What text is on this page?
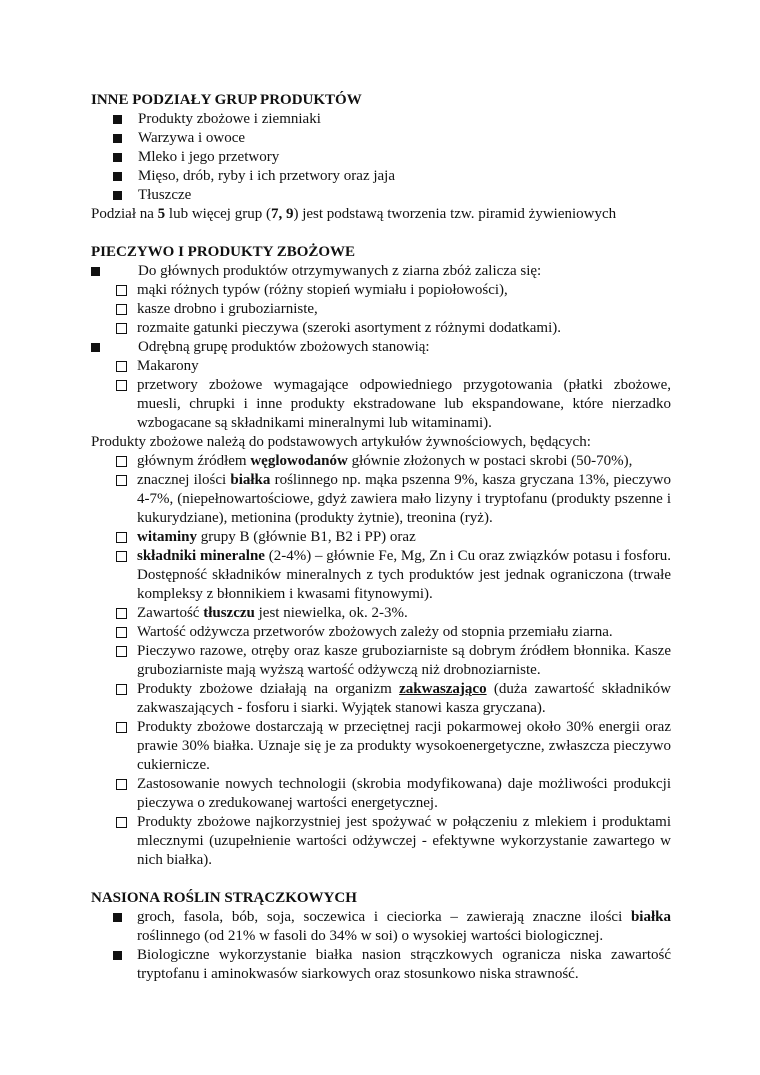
INNE PODZIAŁY GRUP PRODUKTÓW

Produkty zbożowe i ziemniaki
Warzywa i owoce
Mleko i jego przetwory
Mięso, drób, ryby i ich przetwory oraz jaja
Tłuszcze

Podział na 5 lub więcej grup (7, 9) jest podstawą tworzenia tzw. piramid żywieniowych

PIECZYWO I PRODUKTY ZBOŻOWE

Do głównych produktów otrzymywanych z ziarna zbóż zalicza się:
mąki różnych typów (różny stopień wymiału i popiołowości),
kasze drobno i gruboziarniste,
rozmaite gatunki pieczywa (szeroki asortyment z różnymi dodatkami).
Odrębną grupę produktów zbożowych stanowią:
Makarony
przetwory zbożowe wymagające odpowiedniego przygotowania (płatki zbożowe, muesli, chrupki i inne produkty ekstradowane lub ekspandowane, które nierzadko wzbogacane są składnikami mineralnymi lub witaminami).

Produkty zbożowe należą do podstawowych artykułów żywnościowych, będących:

głównym źródłem węglowodanów głównie złożonych w postaci skrobi (50-70%),
znacznej ilości białka roślinnego np. mąka pszenna 9%, kasza gryczana 13%, pieczywo 4-7%, (niepełnowartościowe, gdyż zawiera mało lizyny i tryptofanu (produkty pszenne i kukurydziane), metionina (produkty żytnie), treonina (ryż).
witaminy grupy B (głównie B1, B2 i PP) oraz
składniki mineralne (2-4%) – głównie Fe, Mg, Zn i Cu oraz związków potasu i fosforu. Dostępność składników mineralnych z tych produktów jest jednak ograniczona (trwałe kompleksy z błonnikiem i kwasami fitynowymi).
Zawartość tłuszczu jest niewielka, ok. 2-3%.
Wartość odżywcza przetworów zbożowych zależy od stopnia przemiału ziarna.
Pieczywo razowe, otręby oraz kasze gruboziarniste są dobrym źródłem błonnika. Kasze gruboziarniste mają wyższą wartość odżywczą niż drobnoziarniste.
Produkty zbożowe działają na organizm zakwaszająco (duża zawartość składników zakwaszających - fosforu i siarki. Wyjątek stanowi kasza gryczana).
Produkty zbożowe dostarczają w przeciętnej racji pokarmowej około 30% energii oraz prawie 30% białka. Uznaje się je za produkty wysokoenergetyczne, zwłaszcza pieczywo cukiernicze.
Zastosowanie nowych technologii (skrobia modyfikowana) daje możliwości produkcji pieczywa o zredukowanej wartości energetycznej.
Produkty zbożowe najkorzystniej jest spożywać w połączeniu z mlekiem i produktami mlecznymi (uzupełnienie wartości odżywczej - efektywne wykorzystanie zawartego w nich białka).

NASIONA ROŚLIN STRĄCZKOWYCH

groch, fasola, bób, soja, soczewica i cieciorka – zawierają znaczne ilości białka roślinnego (od 21% w fasoli do 34% w soi) o wysokiej wartości biologicznej.
Biologiczne wykorzystanie białka nasion strączkowych ogranicza niska zawartość tryptofanu i aminokwasów siarkowych oraz stosunkowo niska strawność.
